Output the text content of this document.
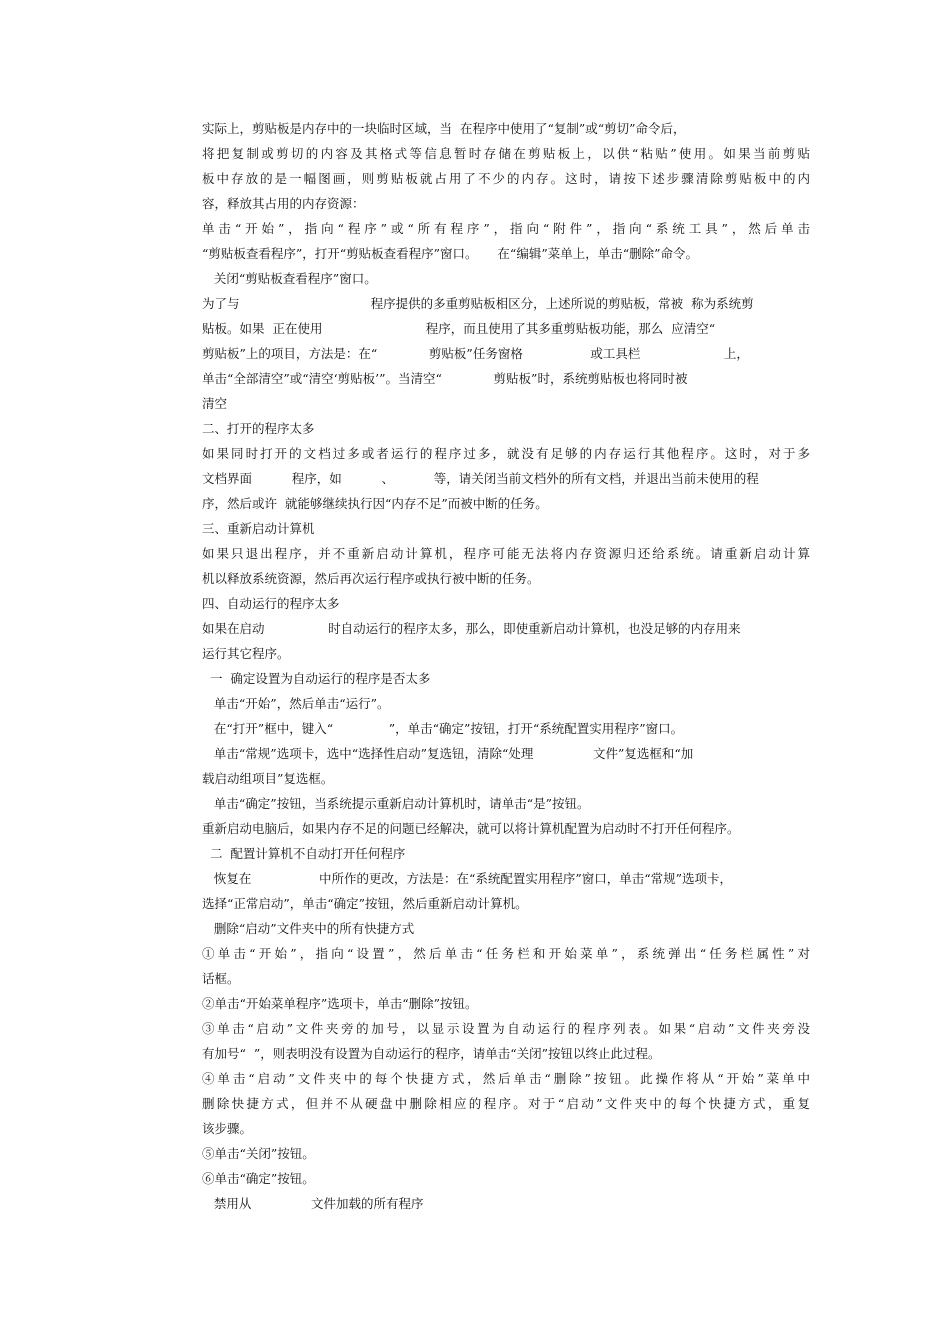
实际上，剪贴板是内存中的一块临时区域，当  在程序中使用了“复制”或“剪切”命令后，
将把复制或剪切的内容及其格式等信息暂时存储在剪贴板上，以供“粘贴”使用。如果当前剪贴
板中存放的是一幅图画，则剪贴板就占用了不少的内存。这时，请按下述步骤清除剪贴板中的内
容，释放其占用的内存资源：
单击“开始”，指向“程序”或“所有程序”，指向“附件”，指向“系统工具”，然后单击
“剪贴板查看程序”，打开“剪贴板查看程序”窗口。     在“编辑”菜单上，单击“删除”命令。
关闭“剪贴板查看程序”窗口。
为了与                                 程序提供的多重剪贴板相区分，上述所说的剪贴板，常被  称为系统剪
贴板。如果  正在使用                          程序，而且使用了其多重剪贴板功能，那么  应清空“
剪贴板”上的项目，方法是：在“             剪贴板”任务窗格                 或工具栏                     上，
单击“全部清空”或“清空‘剪贴板’”。当清空“             剪贴板”时，系统剪贴板也将同时被
清空
二、打开的程序太多
如果同时打开的文档过多或者运行的程序过多，就没有足够的内存运行其他程序。这时，对于多
文档界面          程序，如          、          等，请关闭当前文档外的所有文档，并退出当前未使用的程
序，然后或许  就能够继续执行因“内存不足”而被中断的任务。
三、重新启动计算机
如果只退出程序，并不重新启动计算机，程序可能无法将内存资源归还给系统。请重新启动计算
机以释放系统资源，然后再次运行程序或执行被中断的任务。
四、自动运行的程序太多
如果在启动                时自动运行的程序太多，那么，即使重新启动计算机，也没足够的内存用来
运行其它程序。
一  确定设置为自动运行的程序是否太多
单击“开始”，然后单击“运行”。
在“打开”框中，键入“              ”，单击“确定”按钮，打开“系统配置实用程序”窗口。
单击“常规”选项卡，选中“选择性启动”复选钮，清除“处理               文件”复选框和“加
载启动组项目”复选框。
单击“确定”按钮，当系统提示重新启动计算机时，请单击“是”按钮。
重新启动电脑后，如果内存不足的问题已经解决，就可以将计算机配置为启动时不打开任何程序。
二  配置计算机不自动打开任何程序
恢复在                 中所作的更改，方法是：在“系统配置实用程序”窗口，单击“常规”选项卡，
选择“正常启动”，单击“确定”按钮，然后重新启动计算机。
删除“启动”文件夹中的所有快捷方式
①单击“开始”，指向“设置”，然后单击“任务栏和开始菜单”，系统弹出“任务栏属性”对
话框。
②单击“开始菜单程序”选项卡，单击“删除”按钮。
③单击“启动”文件夹旁的加号，以显示设置为自动运行的程序列表。如果“启动”文件夹旁没
有加号“  ”，则表明没有设置为自动运行的程序，请单击“关闭”按钮以终止此过程。
④单击“启动”文件夹中的每个快捷方式，然后单击“删除”按钮。此操作将从“开始”菜单中
删除快捷方式，但并不从硬盘中删除相应的程序。对于“启动”文件夹中的每个快捷方式，重复
该步骤。
⑤单击“关闭”按钮。
⑥单击“确定”按钮。
禁用从               文件加载的所有程序
